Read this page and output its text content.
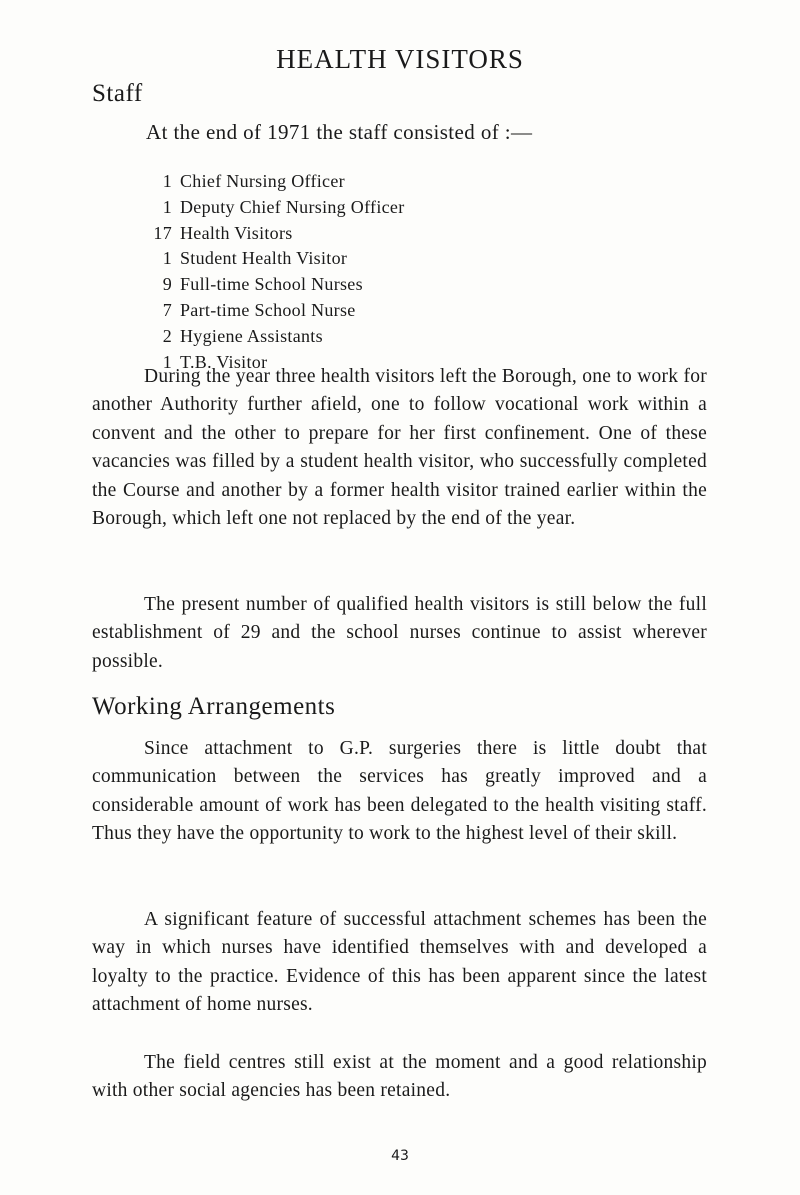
HEALTH VISITORS
Staff

At the end of 1971 the staff consisted of :—

1 Chief Nursing Officer
1 Deputy Chief Nursing Officer
17 Health Visitors
1 Student Health Visitor
9 Full-time School Nurses
7 Part-time School Nurse
2 Hygiene Assistants
1 T.B. Visitor

During the year three health visitors left the Borough, one to work for another Authority further afield, one to follow vocational work within a convent and the other to prepare for her first confinement. One of these vacancies was filled by a student health visitor, who successfully completed the Course and another by a former health visitor trained earlier within the Borough, which left one not replaced by the end of the year.

The present number of qualified health visitors is still below the full establishment of 29 and the school nurses continue to assist wherever possible.

Working Arrangements

Since attachment to G.P. surgeries there is little doubt that communication between the services has greatly improved and a considerable amount of work has been delegated to the health visiting staff. Thus they have the opportunity to work to the highest level of their skill.

A significant feature of successful attachment schemes has been the way in which nurses have identified themselves with and developed a loyalty to the practice. Evidence of this has been apparent since the latest attachment of home nurses.

The field centres still exist at the moment and a good relationship with other social agencies has been retained.

43
